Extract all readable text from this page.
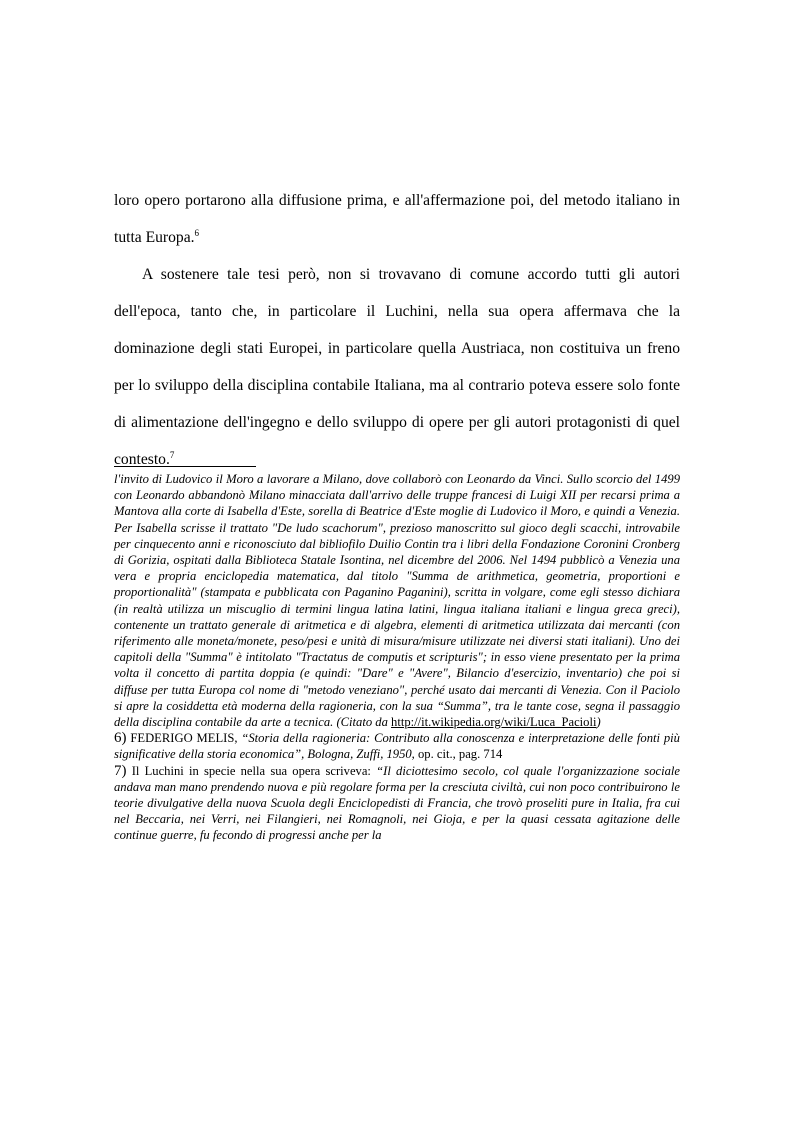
loro opero portarono alla diffusione prima, e all'affermazione poi, del metodo italiano in tutta Europa.$^6$

A sostenere tale tesi però, non si trovavano di comune accordo tutti gli autori dell'epoca, tanto che, in particolare il Luchini, nella sua opera affermava che la dominazione degli stati Europei, in particolare quella Austriaca, non costituiva un freno per lo sviluppo della disciplina contabile Italiana, ma al contrario poteva essere solo fonte di alimentazione dell'ingegno e dello sviluppo di opere per gli autori protagonisti di quel contesto.$^7$

l'invito di Ludovico il Moro a lavorare a Milano, dove collaborò con Leonardo da Vinci. Sullo scorcio del 1499 con Leonardo abbandonò Milano minacciata dall'arrivo delle truppe francesi di Luigi XII per recarsi prima a Mantova alla corte di Isabella d'Este, sorella di Beatrice d'Este moglie di Ludovico il Moro, e quindi a Venezia. Per Isabella scrisse il trattato "De ludo scachorum", prezioso manoscritto sul gioco degli scacchi, introvabile per cinquecento anni e riconosciuto dal bibliofilo Duilio Contin tra i libri della Fondazione Coronini Cronberg di Gorizia, ospitati dalla Biblioteca Statale Isontina, nel dicembre del 2006. Nel 1494 pubblicò a Venezia una vera e propria enciclopedia matematica, dal titolo "Summa de arithmetica, geometria, proportioni e proportionalità" (stampata e pubblicata con Paganino Paganini), scritta in volgare, come egli stesso dichiara (in realtà utilizza un miscuglio di termini lingua latina latini, lingua italiana italiani e lingua greca greci), contenente un trattato generale di aritmetica e di algebra, elementi di aritmetica utilizzata dai mercanti (con riferimento alle moneta/monete, peso/pesi e unità di misura/misure utilizzate nei diversi stati italiani). Uno dei capitoli della "Summa" è intitolato "Tractatus de computis et scripturis"; in esso viene presentato per la prima volta il concetto di partita doppia (e quindi: "Dare" e "Avere", Bilancio d'esercizio, inventario) che poi si diffuse per tutta Europa col nome di "metodo veneziano", perché usato dai mercanti di Venezia. Con il Paciolo si apre la cosiddetta età moderna della ragioneria, con la sua “Summa”, tra le tante cose, segna il passaggio della disciplina contabile da arte a tecnica. (Citato da http://it.wikipedia.org/wiki/Luca_Pacioli)

6) FEDERIGO MELIS, “Storia della ragioneria: Contributo alla conoscenza e interpretazione delle fonti più significative della storia economica”, Bologna, Zuffi, 1950, op. cit., pag. 714

7) Il Luchini in specie nella sua opera scriveva: “Il diciottesimo secolo, col quale l'organizzazione sociale andava man mano prendendo nuova e più regolare forma per la cresciuta civiltà, cui non poco contribuirono le teorie divulgative della nuova Scuola degli Enciclopedisti di Francia, che trovò proseliti pure in Italia, fra cui nel Beccaria, nei Verri, nei Filangieri, nei Romagnoli, nei Gioja, e per la quasi cessata agitazione delle continue guerre, fu fecondo di progressi anche per la
